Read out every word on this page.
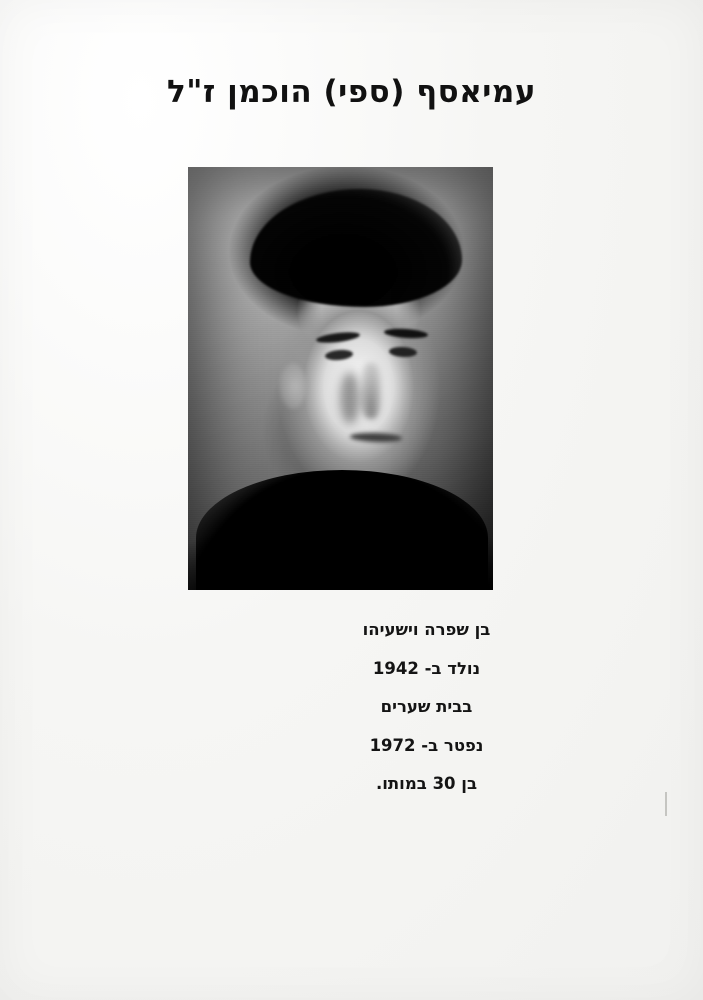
עמיאסף (ספי) הוכמן ז"ל
בן שפרה וישעיהו
נולד ב- 1942
בבית שערים
נפטר ב- 1972
בן 30 במותו.
